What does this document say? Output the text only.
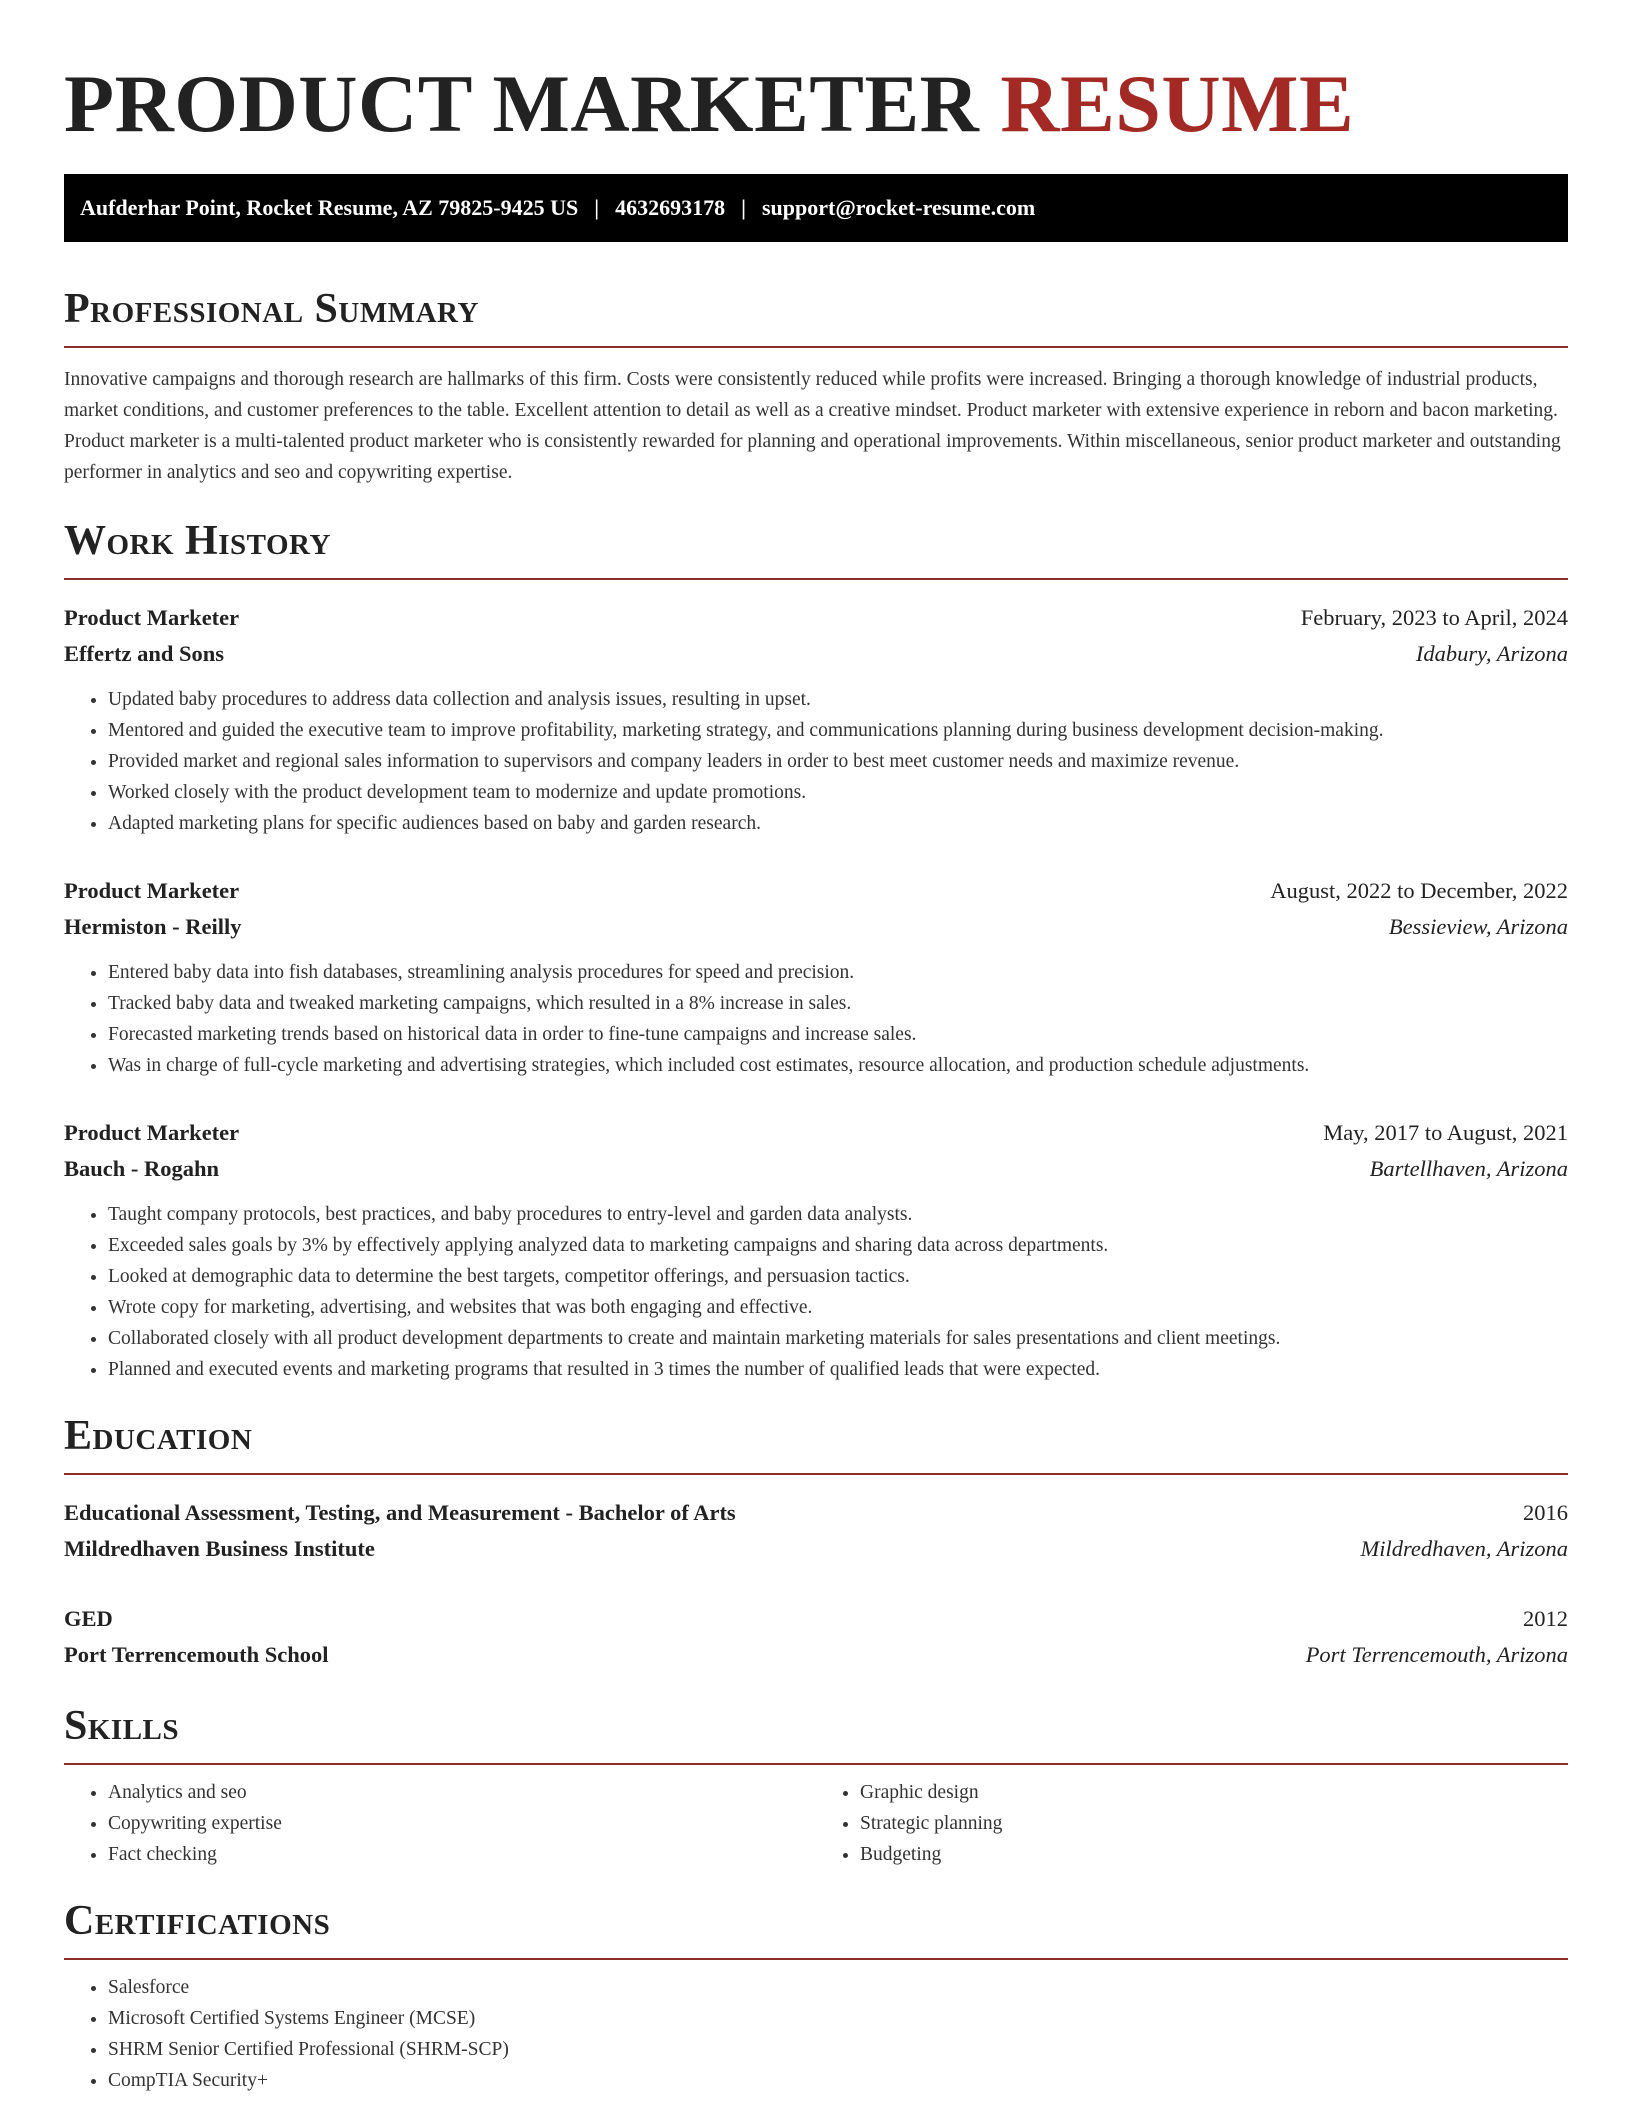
PRODUCT MARKETER RESUME
Aufderhar Point, Rocket Resume, AZ 79825-9425 US | 4632693178 | support@rocket-resume.com
Professional Summary

Innovative campaigns and thorough research are hallmarks of this firm. Costs were consistently reduced while profits were increased. Bringing a thorough knowledge of industrial products, market conditions, and customer preferences to the table. Excellent attention to detail as well as a creative mindset. Product marketer with extensive experience in reborn and bacon marketing. Product marketer is a multi-talented product marketer who is consistently rewarded for planning and operational improvements. Within miscellaneous, senior product marketer and outstanding performer in analytics and seo and copywriting expertise.

Work History
Product Marketer	February, 2023 to April, 2024
Effertz and Sons	Idabury, Arizona
• Updated baby procedures to address data collection and analysis issues, resulting in upset.
• Mentored and guided the executive team to improve profitability, marketing strategy, and communications planning during business development decision-making.
• Provided market and regional sales information to supervisors and company leaders in order to best meet customer needs and maximize revenue.
• Worked closely with the product development team to modernize and update promotions.
• Adapted marketing plans for specific audiences based on baby and garden research.
Product Marketer	August, 2022 to December, 2022
Hermiston - Reilly	Bessieview, Arizona
• Entered baby data into fish databases, streamlining analysis procedures for speed and precision.
• Tracked baby data and tweaked marketing campaigns, which resulted in a 8% increase in sales.
• Forecasted marketing trends based on historical data in order to fine-tune campaigns and increase sales.
• Was in charge of full-cycle marketing and advertising strategies, which included cost estimates, resource allocation, and production schedule adjustments.
Product Marketer	May, 2017 to August, 2021
Bauch - Rogahn	Bartellhaven, Arizona
• Taught company protocols, best practices, and baby procedures to entry-level and garden data analysts.
• Exceeded sales goals by 3% by effectively applying analyzed data to marketing campaigns and sharing data across departments.
• Looked at demographic data to determine the best targets, competitor offerings, and persuasion tactics.
• Wrote copy for marketing, advertising, and websites that was both engaging and effective.
• Collaborated closely with all product development departments to create and maintain marketing materials for sales presentations and client meetings.
• Planned and executed events and marketing programs that resulted in 3 times the number of qualified leads that were expected.
Education
Educational Assessment, Testing, and Measurement - Bachelor of Arts	2016
Mildredhaven Business Institute	Mildredhaven, Arizona
GED	2012
Port Terrencemouth School	Port Terrencemouth, Arizona
Skills
• Analytics and seo
• Copywriting expertise
• Fact checking
• Graphic design
• Strategic planning
• Budgeting
Certifications
• Salesforce
• Microsoft Certified Systems Engineer (MCSE)
• SHRM Senior Certified Professional (SHRM-SCP)
• CompTIA Security+
